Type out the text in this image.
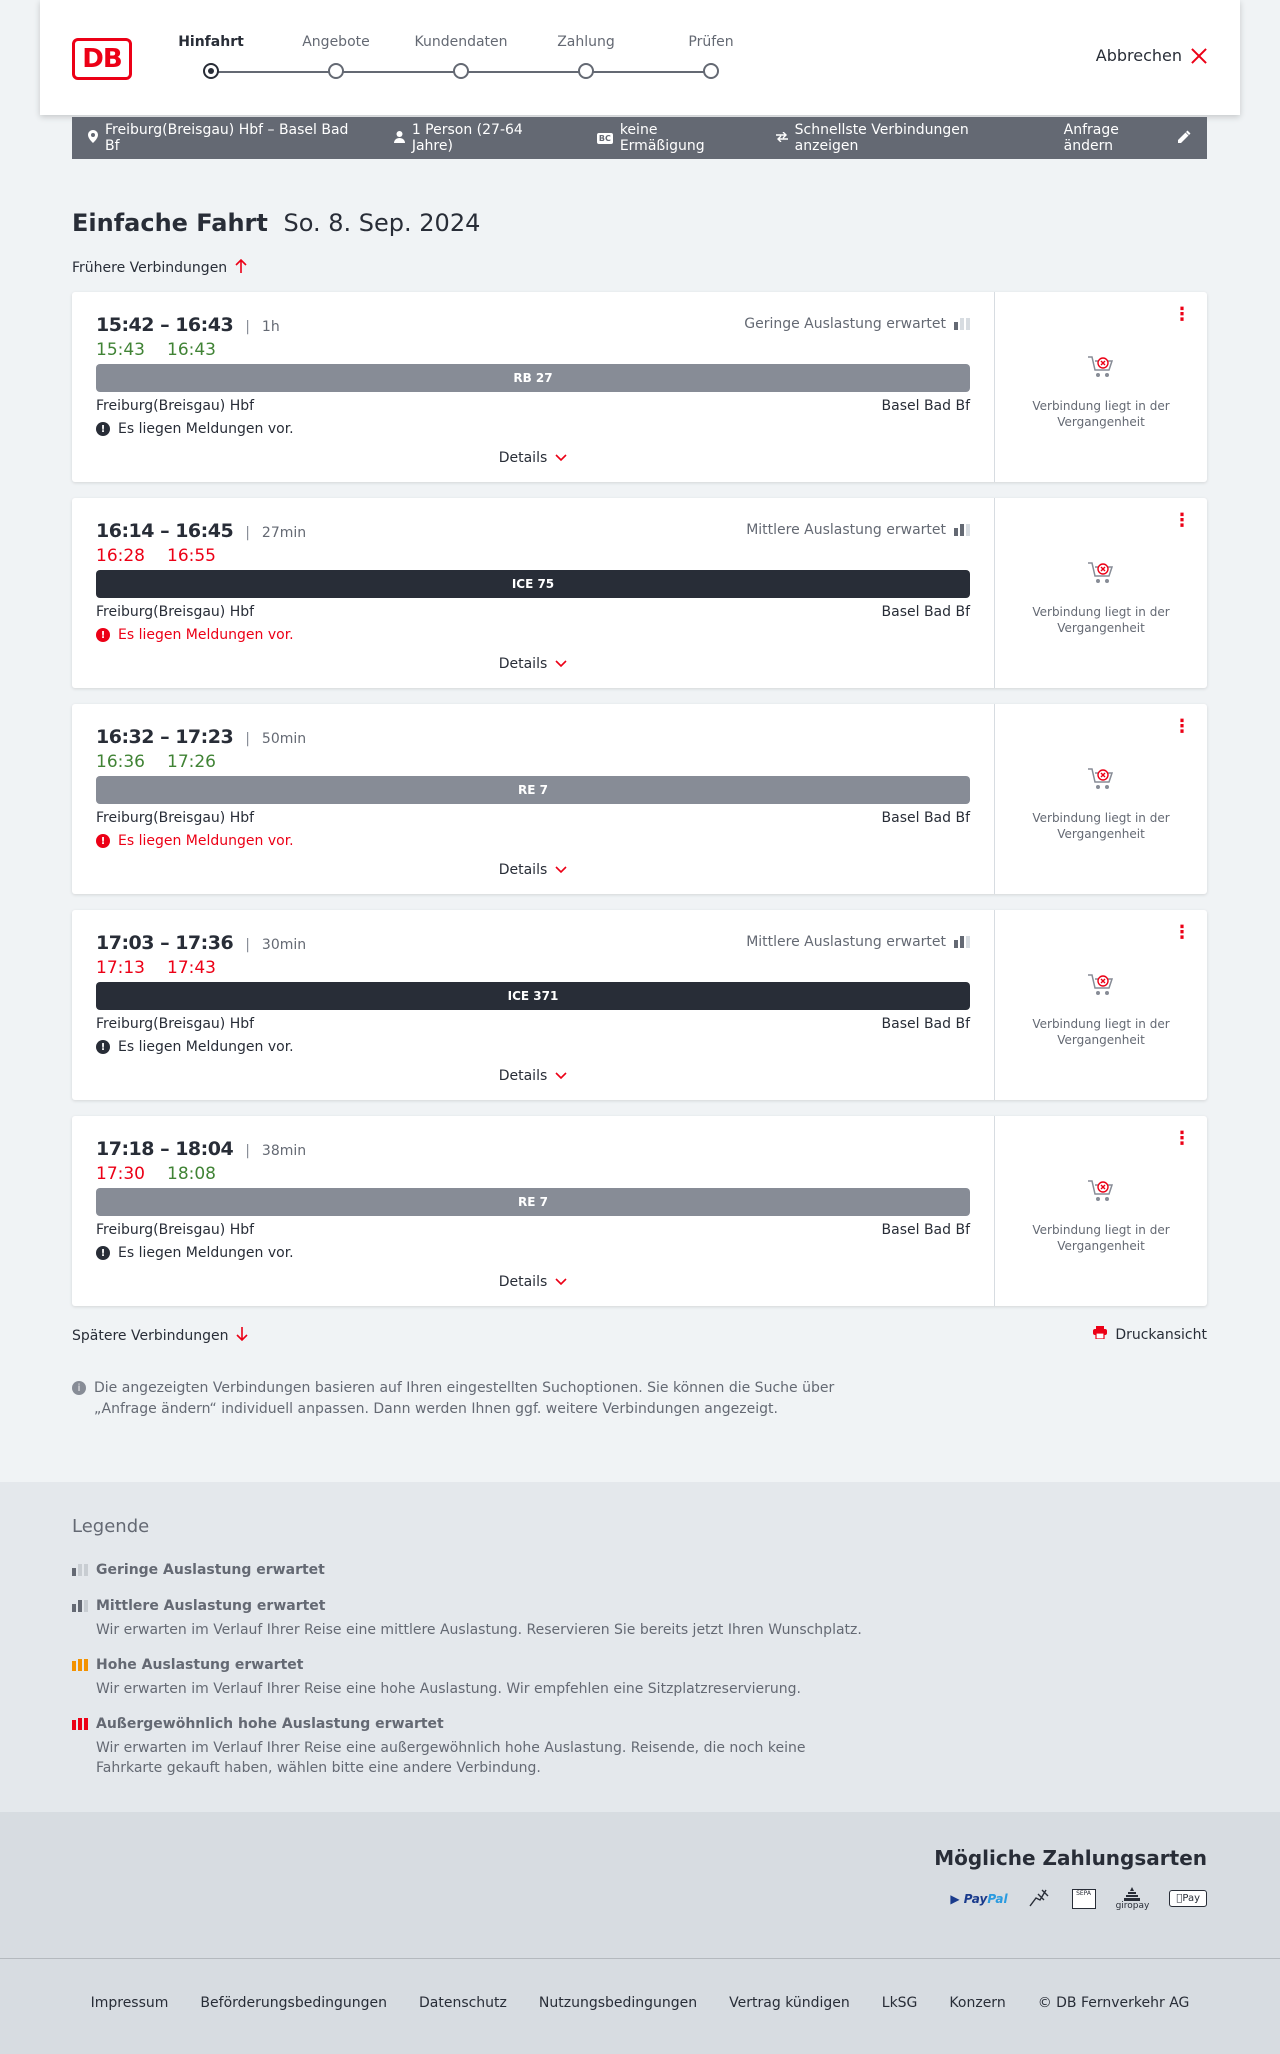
DB
Hinfahrt	Angebote	Kundendaten	Zahlung	Prüfen
Abbrechen
Freiburg(Breisgau) Hbf – Basel Bad Bf
1 Person (27-64 Jahre)	BC keine Ermäßigung
Schnellste Verbindungen anzeigen
Anfrage ändern
Einfache Fahrt So. 8. Sep. 2024
Frühere Verbindungen
15:42 – 16:43 | 1h
15:43 16:43
Geringe Auslastung erwartet
RB 27
Freiburg(Breisgau) Hbf	Basel Bad Bf
! Es liegen Meldungen vor.
Details
⋮
Verbindung liegt in der Vergangenheit
16:14 – 16:45 | 27min
16:28 16:55
Mittlere Auslastung erwartet
ICE 75
Freiburg(Breisgau) Hbf	Basel Bad Bf
! Es liegen Meldungen vor.
Details
⋮
Verbindung liegt in der Vergangenheit
16:32 – 17:23 | 50min
16:36 17:26
RE 7
Freiburg(Breisgau) Hbf	Basel Bad Bf
! Es liegen Meldungen vor.
Details
⋮
Verbindung liegt in der Vergangenheit
17:03 – 17:36 | 30min
17:13 17:43
Mittlere Auslastung erwartet
ICE 371
Freiburg(Breisgau) Hbf	Basel Bad Bf
! Es liegen Meldungen vor.
Details
⋮
Verbindung liegt in der Vergangenheit
17:18 – 18:04 | 38min
17:30 18:08
RE 7
Freiburg(Breisgau) Hbf	Basel Bad Bf
! Es liegen Meldungen vor.
Details
⋮
Verbindung liegt in der Vergangenheit
Spätere Verbindungen	Druckansicht
i Die angezeigten Verbindungen basieren auf Ihren eingestellten Suchoptionen. Sie können die Suche über „Anfrage ändern“ individuell anpassen. Dann werden Ihnen ggf. weitere Verbindungen angezeigt.
Legende
Geringe Auslastung erwartet
Mittlere Auslastung erwartet
Wir erwarten im Verlauf Ihrer Reise eine mittlere Auslastung. Reservieren Sie bereits jetzt Ihren Wunschplatz.
Hohe Auslastung erwartet
Wir erwarten im Verlauf Ihrer Reise eine hohe Auslastung. Wir empfehlen eine Sitzplatzreservierung.
Außergewöhnlich hohe Auslastung erwartet
Wir erwarten im Verlauf Ihrer Reise eine außergewöhnlich hohe Auslastung. Reisende, die noch keine Fahrkarte gekauft haben, wählen bitte eine andere Verbindung.
Mögliche Zahlungsarten
▶ PayPal	SEPA
giropay
Pay
Impressum Beförderungsbedingungen Datenschutz Nutzungsbedingungen Vertrag kündigen LkSG Konzern © DB Fernverkehr AG
